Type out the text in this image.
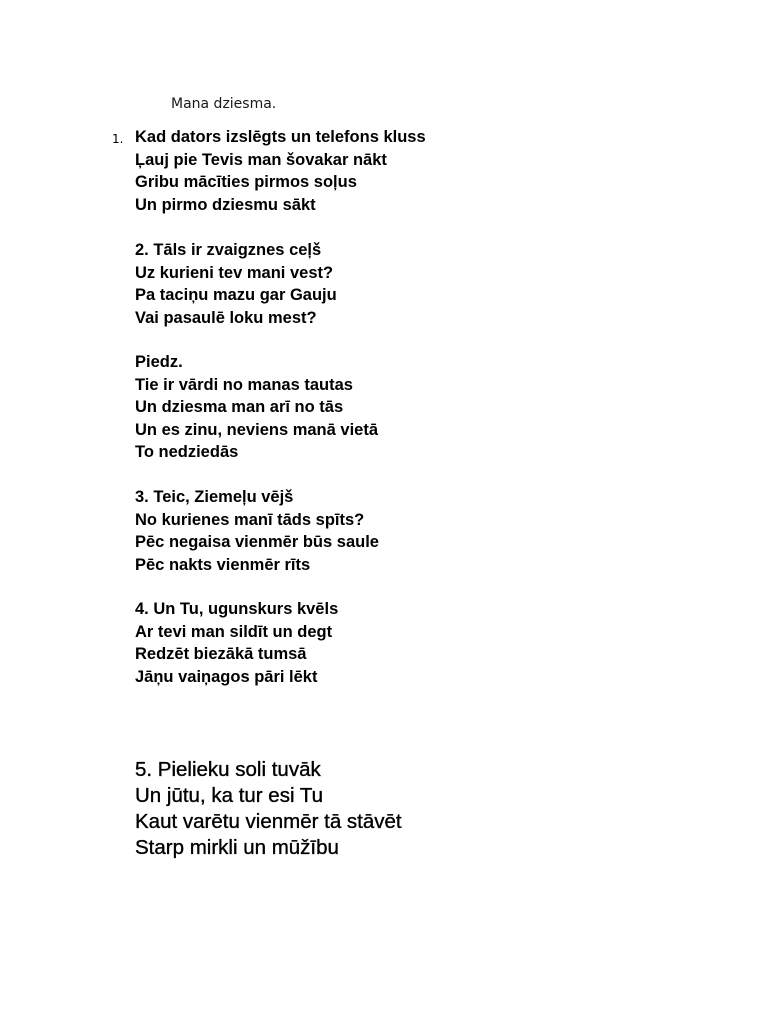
Mana dziesma.
1. Kad dators izslēgts un telefons kluss
Ļauj pie Tevis man šovakar nākt
Gribu mācīties pirmos soļus
Un pirmo dziesmu sākt
2. Tāls ir zvaigznes ceļš
Uz kurieni tev mani vest?
Pa taciņu mazu gar Gauju
Vai pasaulē loku mest?
Piedz.
Tie ir vārdi no manas tautas
Un dziesma man arī no tās
Un es zinu, neviens manā vietā
To nedziedās
3. Teic, Ziemeļu vējš
No kurienes manī tāds spīts?
Pēc negaisa vienmēr būs saule
Pēc nakts vienmēr rīts
4. Un Tu, ugunskurs kvēls
Ar tevi man sildīt un degt
Redzēt biezākā tumsā
Jāņu vaiņagos pāri lēkt
5. Pielieku soli tuvāk
Un jūtu, ka tur esi Tu
Kaut varētu vienmēr tā stāvēt
Starp mirkli un mūžību
